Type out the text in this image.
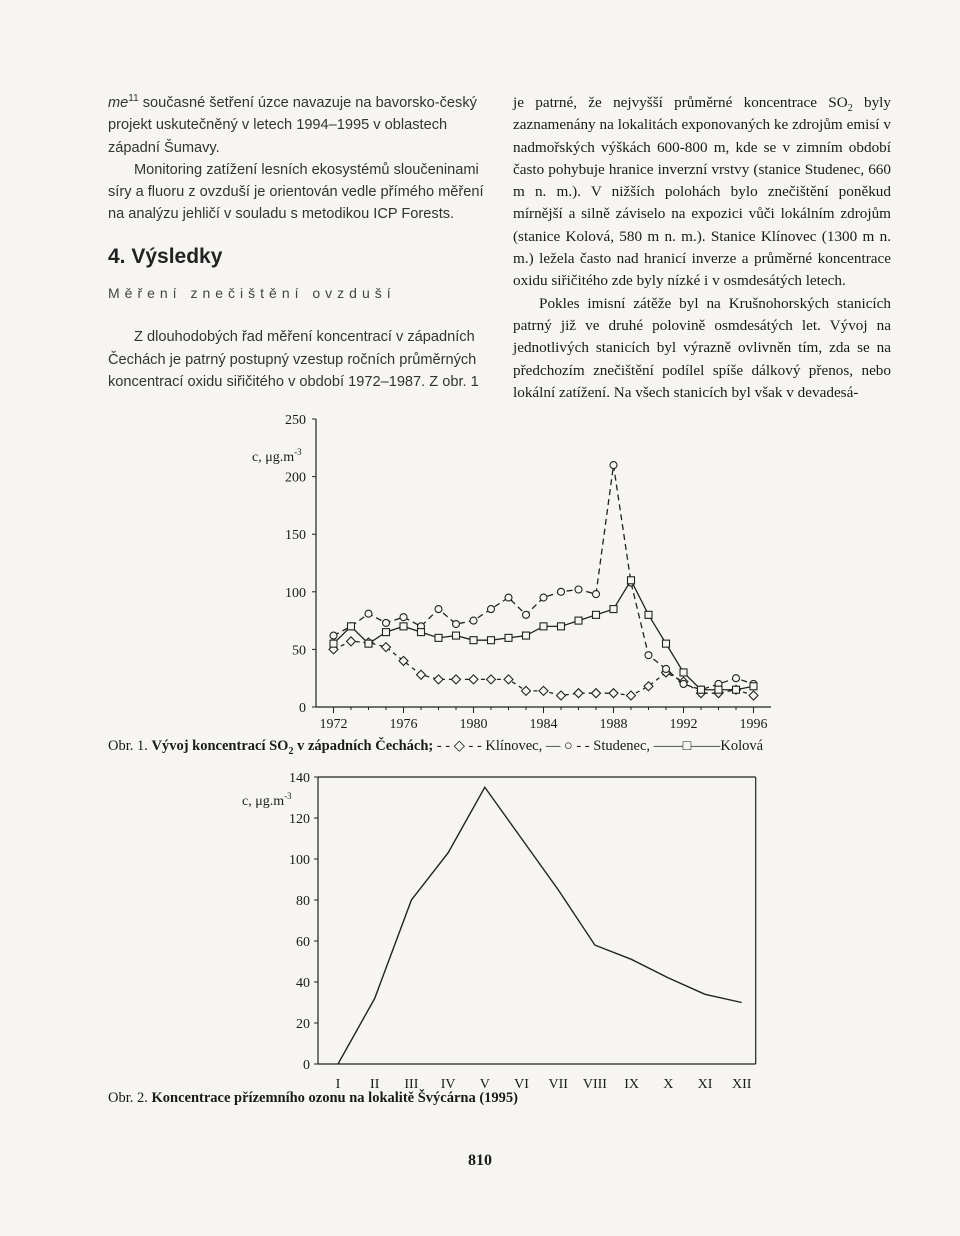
$me^{11}$ současné šetření úzce navazuje na bavorsko-český projekt uskutečněný v letech 1994–1995 v oblastech západní Šumavy.

Monitoring zatížení lesních ekosystémů sloučeninami síry a fluoru z ovzduší je orientován vedle přímého měření na analýzu jehličí v souladu s metodikou ICP Forests.

4. Výsledky
Měření znečištění ovzduší

Z dlouhodobých řad měření koncentrací v západních Čechách je patrný postupný vzestup ročních průměrných koncentrací oxidu siřičitého v období 1972–1987. Z obr. 1

je patrné, že nejvyšší průměrné koncentrace $SO_2$ byly zaznamenány na lokalitách exponovaných ke zdrojům emisí v nadmořských výškách 600-800 m, kde se v zimním období často pohybuje hranice inverzní vrstvy (stanice Studenec, 660 m n. m.). V nižších polohách bylo znečištění poněkud mírnější a silně záviselo na expozici vůči lokálním zdrojům (stanice Kolová, 580 m n. m.). Stanice Klínovec (1300 m n. m.) ležela často nad hranicí inverze a průměrné koncentrace oxidu siřičitého zde byly nízké i v osmdesátých letech.

Pokles imisní zátěže byl na Krušnohorských stanicích patrný již ve druhé polovině osmdesátých let. Vývoj na jednotlivých stanicích byl výrazně ovlivněn tím, zda se na předchozím znečištění podílel spíše dálkový přenos, nebo lokální zatížení. Na všech stanicích byl však v devadesá-

0
50
100
150
200
250
1972	1976	1980	1984	1988	1992	1996
c, $\mu g.m^{-3}$
Obr. 1. Vývoj koncentrací $SO_2$ v západních Čechách; - - ◇ - - Klínovec, — ○ - - Studenec, ——□——Kolová
0
20
40
60
80
100
120
140
I II III IV V VI VII VIII IX X XI XII
c, $\mu g.m^{-3}$
Obr. 2. Koncentrace přízemního ozonu na lokalitě Švýcárna (1995)
810
